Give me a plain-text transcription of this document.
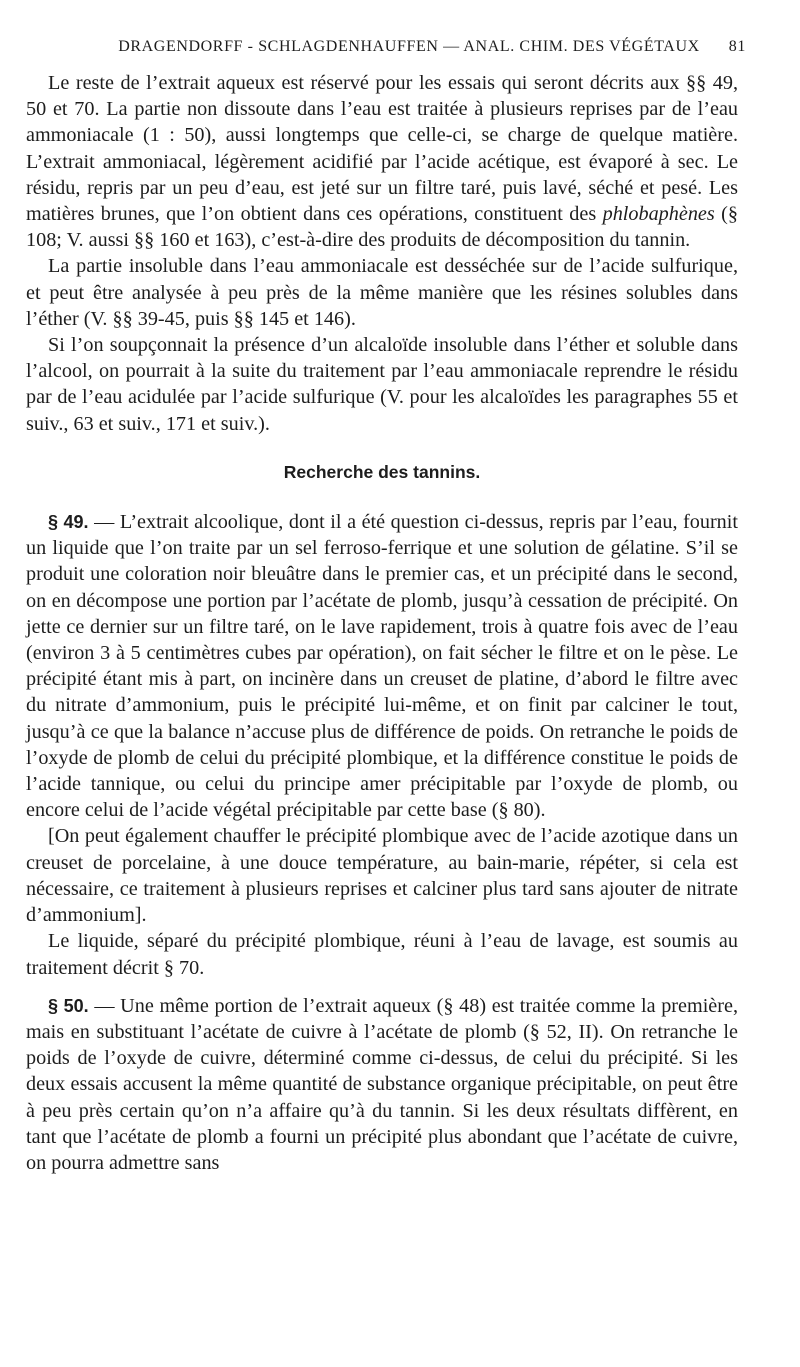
DRAGENDORFF - SCHLAGDENHAUFFEN — ANAL. CHIM. DES VÉGÉTAUX 81

Le reste de l’extrait aqueux est réservé pour les essais qui seront décrits aux §§ 49, 50 et 70. La partie non dissoute dans l’eau est traitée à plusieurs reprises par de l’eau ammoniacale (1 : 50), aussi longtemps que celle-ci, se charge de quelque matière. L’extrait ammoniacal, légèrement acidifié par l’acide acétique, est évaporé à sec. Le résidu, repris par un peu d’eau, est jeté sur un filtre taré, puis lavé, séché et pesé. Les matières brunes, que l’on obtient dans ces opérations, constituent des phlobaphènes (§ 108; V. aussi §§ 160 et 163), c’est-à-dire des produits de décomposition du tannin.

La partie insoluble dans l’eau ammoniacale est desséchée sur de l’acide sulfurique, et peut être analysée à peu près de la même manière que les résines solubles dans l’éther (V. §§ 39-45, puis §§ 145 et 146).

Si l’on soupçonnait la présence d’un alcaloïde insoluble dans l’éther et soluble dans l’alcool, on pourrait à la suite du traitement par l’eau ammoniacale reprendre le résidu par de l’eau acidulée par l’acide sulfurique (V. pour les alcaloïdes les paragraphes 55 et suiv., 63 et suiv., 171 et suiv.).

Recherche des tannins.

§ 49. — L’extrait alcoolique, dont il a été question ci-dessus, repris par l’eau, fournit un liquide que l’on traite par un sel ferroso-ferrique et une solution de gélatine. S’il se produit une coloration noir bleuâtre dans le premier cas, et un précipité dans le second, on en décompose une portion par l’acétate de plomb, jusqu’à cessation de précipité. On jette ce dernier sur un filtre taré, on le lave rapidement, trois à quatre fois avec de l’eau (environ 3 à 5 centimètres cubes par opération), on fait sécher le filtre et on le pèse. Le précipité étant mis à part, on incinère dans un creuset de platine, d’abord le filtre avec du nitrate d’ammonium, puis le précipité lui-même, et on finit par calciner le tout, jusqu’à ce que la balance n’accuse plus de différence de poids. On retranche le poids de l’oxyde de plomb de celui du précipité plombique, et la différence constitue le poids de l’acide tannique, ou celui du principe amer précipitable par l’oxyde de plomb, ou encore celui de l’acide végétal précipitable par cette base (§ 80).

[On peut également chauffer le précipité plombique avec de l’acide azotique dans un creuset de porcelaine, à une douce température, au bain-marie, répéter, si cela est nécessaire, ce traitement à plusieurs reprises et calciner plus tard sans ajouter de nitrate d’ammonium].

Le liquide, séparé du précipité plombique, réuni à l’eau de lavage, est soumis au traitement décrit § 70.

§ 50. — Une même portion de l’extrait aqueux (§ 48) est traitée comme la première, mais en substituant l’acétate de cuivre à l’acétate de plomb (§ 52, II). On retranche le poids de l’oxyde de cuivre, déterminé comme ci-dessus, de celui du précipité. Si les deux essais accusent la même quantité de substance organique précipitable, on peut être à peu près certain qu’on n’a affaire qu’à du tannin. Si les deux résultats diffèrent, en tant que l’acétate de plomb a fourni un précipité plus abondant que l’acétate de cuivre, on pourra admettre sans
